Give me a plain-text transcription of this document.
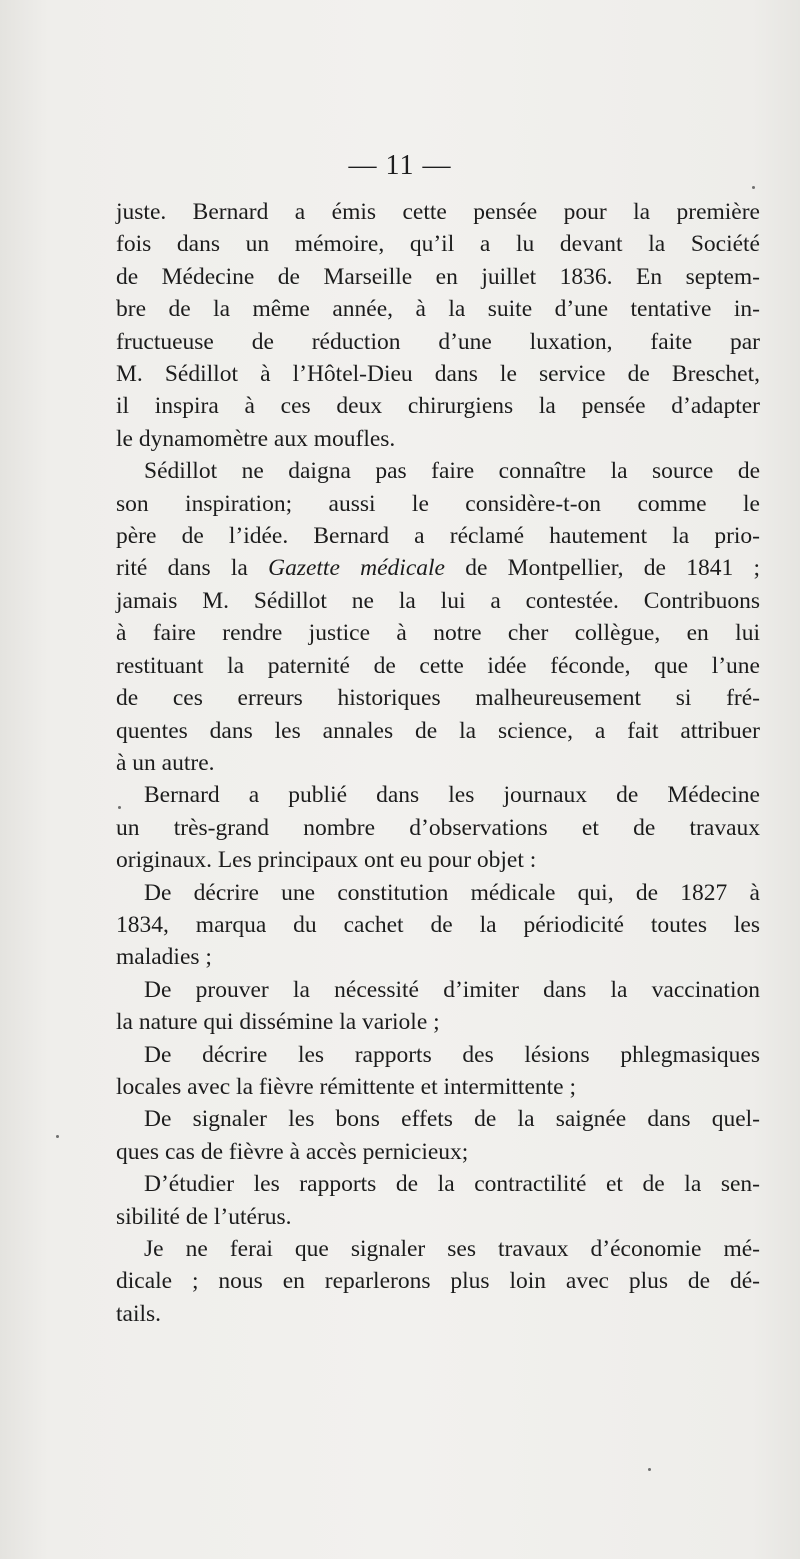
— 11 —
juste. Bernard a émis cette pensée pour la première
fois dans un mémoire, qu’il a lu devant la Société
de Médecine de Marseille en juillet 1836. En septem-
bre de la même année, à la suite d’une tentative in-
fructueuse de réduction d’une luxation, faite par
M. Sédillot à l’Hôtel-Dieu dans le service de Breschet,
il inspira à ces deux chirurgiens la pensée d’adapter
le dynamomètre aux moufles.
Sédillot ne daigna pas faire connaître la source de
son inspiration; aussi le considère-t-on comme le
père de l’idée. Bernard a réclamé hautement la prio-
rité dans la Gazette médicale de Montpellier, de 1841 ;
jamais M. Sédillot ne la lui a contestée. Contribuons
à faire rendre justice à notre cher collègue, en lui
restituant la paternité de cette idée féconde, que l’une
de ces erreurs historiques malheureusement si fré-
quentes dans les annales de la science, a fait attribuer
à un autre.
Bernard a publié dans les journaux de Médecine
un très-grand nombre d’observations et de travaux
originaux. Les principaux ont eu pour objet :
De décrire une constitution médicale qui, de 1827 à
1834, marqua du cachet de la périodicité toutes les
maladies ;
De prouver la nécessité d’imiter dans la vaccination
la nature qui dissémine la variole ;
De décrire les rapports des lésions phlegmasiques
locales avec la fièvre rémittente et intermittente ;
De signaler les bons effets de la saignée dans quel-
ques cas de fièvre à accès pernicieux;
D’étudier les rapports de la contractilité et de la sen-
sibilité de l’utérus.
Je ne ferai que signaler ses travaux d’économie mé-
dicale ; nous en reparlerons plus loin avec plus de dé-
tails.
